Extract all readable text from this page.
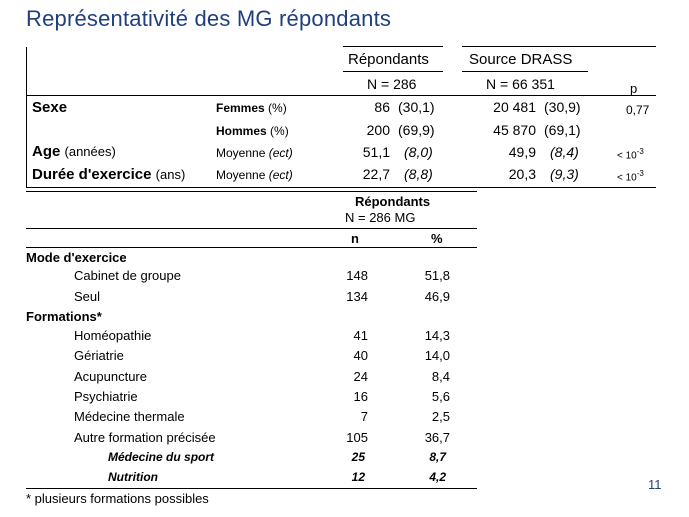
Représentativité des MG répondants
Répondants	Source DRASS
N = 286	N = 66 351	p
Sexe	Femmes (%)	86 (30,1)	20 481 (30,9)	0,77
Hommes (%)	200 (69,9)	45 870 (69,1)
Age (années)	Moyenne (ect)	51,1 (8,0)	49,9 (8,4)	< $10^{-3}$
Durée d'exercice (ans)	Moyenne (ect)	22,7 (8,8)	20,3 (9,3)	< $10^{-3}$
Répondants
N = 286 MG
n	%
Mode d'exercice
Cabinet de groupe	148	51,8
Seul	134	46,9
Formations*
Homéopathie	41	14,3
Gériatrie	40	14,0
Acupuncture	24	8,4
Psychiatrie	16	5,6
Médecine thermale	7	2,5
Autre formation précisée	105	36,7
Médecine du sport	25	8,7
Nutrition	12	4,2
* plusieurs formations possibles
11
